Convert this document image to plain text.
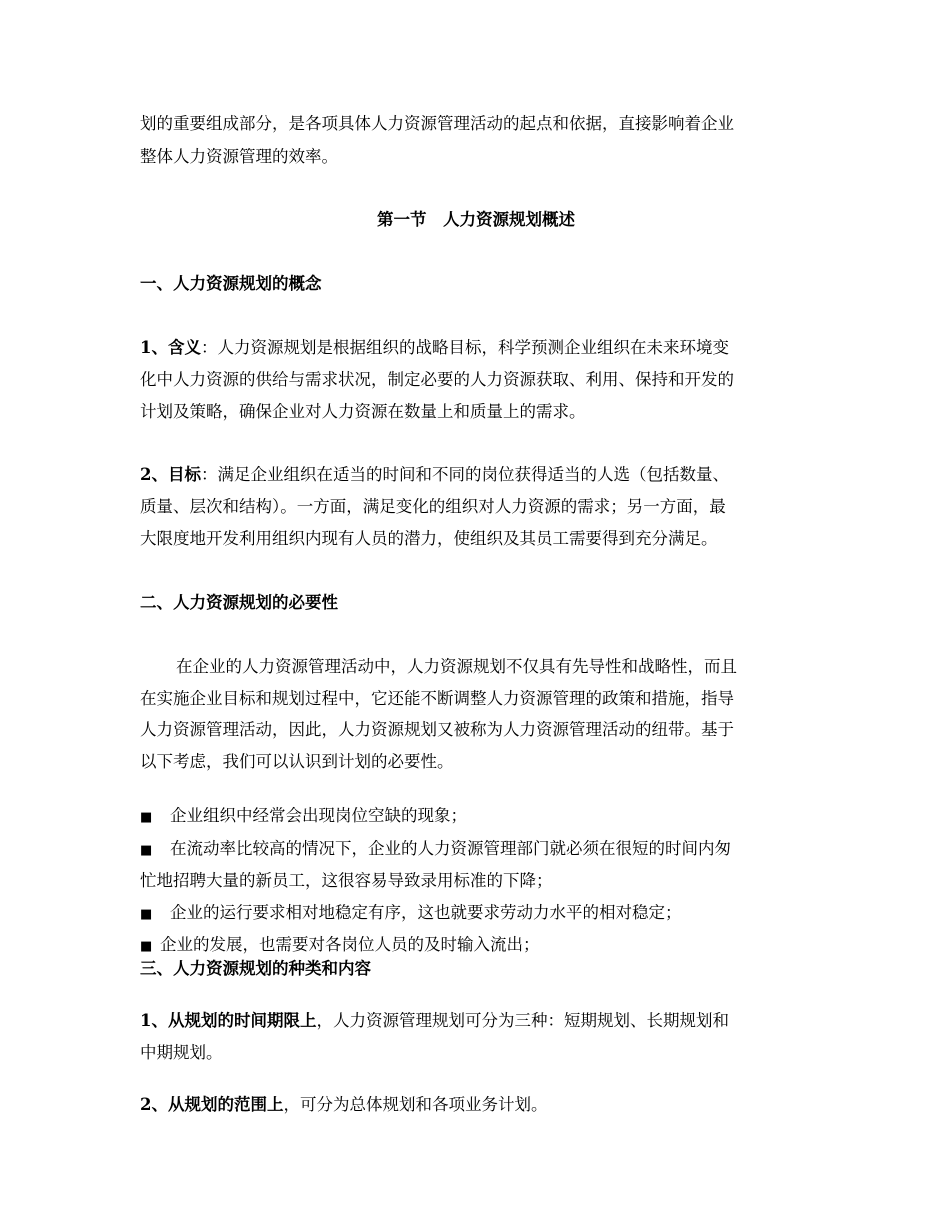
划的重要组成部分，是各项具体人力资源管理活动的起点和依据，直接影响着企业
整体人力资源管理的效率。
第一节　人力资源规划概述
一、人力资源规划的概念
1、含义：人力资源规划是根据组织的战略目标，科学预测企业组织在未来环境变
化中人力资源的供给与需求状况，制定必要的人力资源获取、利用、保持和开发的
计划及策略，确保企业对人力资源在数量上和质量上的需求。
2、目标：满足企业组织在适当的时间和不同的岗位获得适当的人选（包括数量、
质量、层次和结构）。一方面，满足变化的组织对人力资源的需求；另一方面，最
大限度地开发利用组织内现有人员的潜力，使组织及其员工需要得到充分满足。
二、人力资源规划的必要性
在企业的人力资源管理活动中，人力资源规划不仅具有先导性和战略性，而且
在实施企业目标和规划过程中，它还能不断调整人力资源管理的政策和措施，指导
人力资源管理活动，因此，人力资源规划又被称为人力资源管理活动的纽带。基于
以下考虑，我们可以认识到计划的必要性。
■ 企业组织中经常会出现岗位空缺的现象；
■ 在流动率比较高的情况下，企业的人力资源管理部门就必须在很短的时间内匆
忙地招聘大量的新员工，这很容易导致录用标准的下降；
■ 企业的运行要求相对地稳定有序，这也就要求劳动力水平的相对稳定；
■ 企业的发展，也需要对各岗位人员的及时输入流出；
三、人力资源规划的种类和内容
1、从规划的时间期限上，人力资源管理规划可分为三种：短期规划、长期规划和
中期规划。
2、从规划的范围上，可分为总体规划和各项业务计划。
